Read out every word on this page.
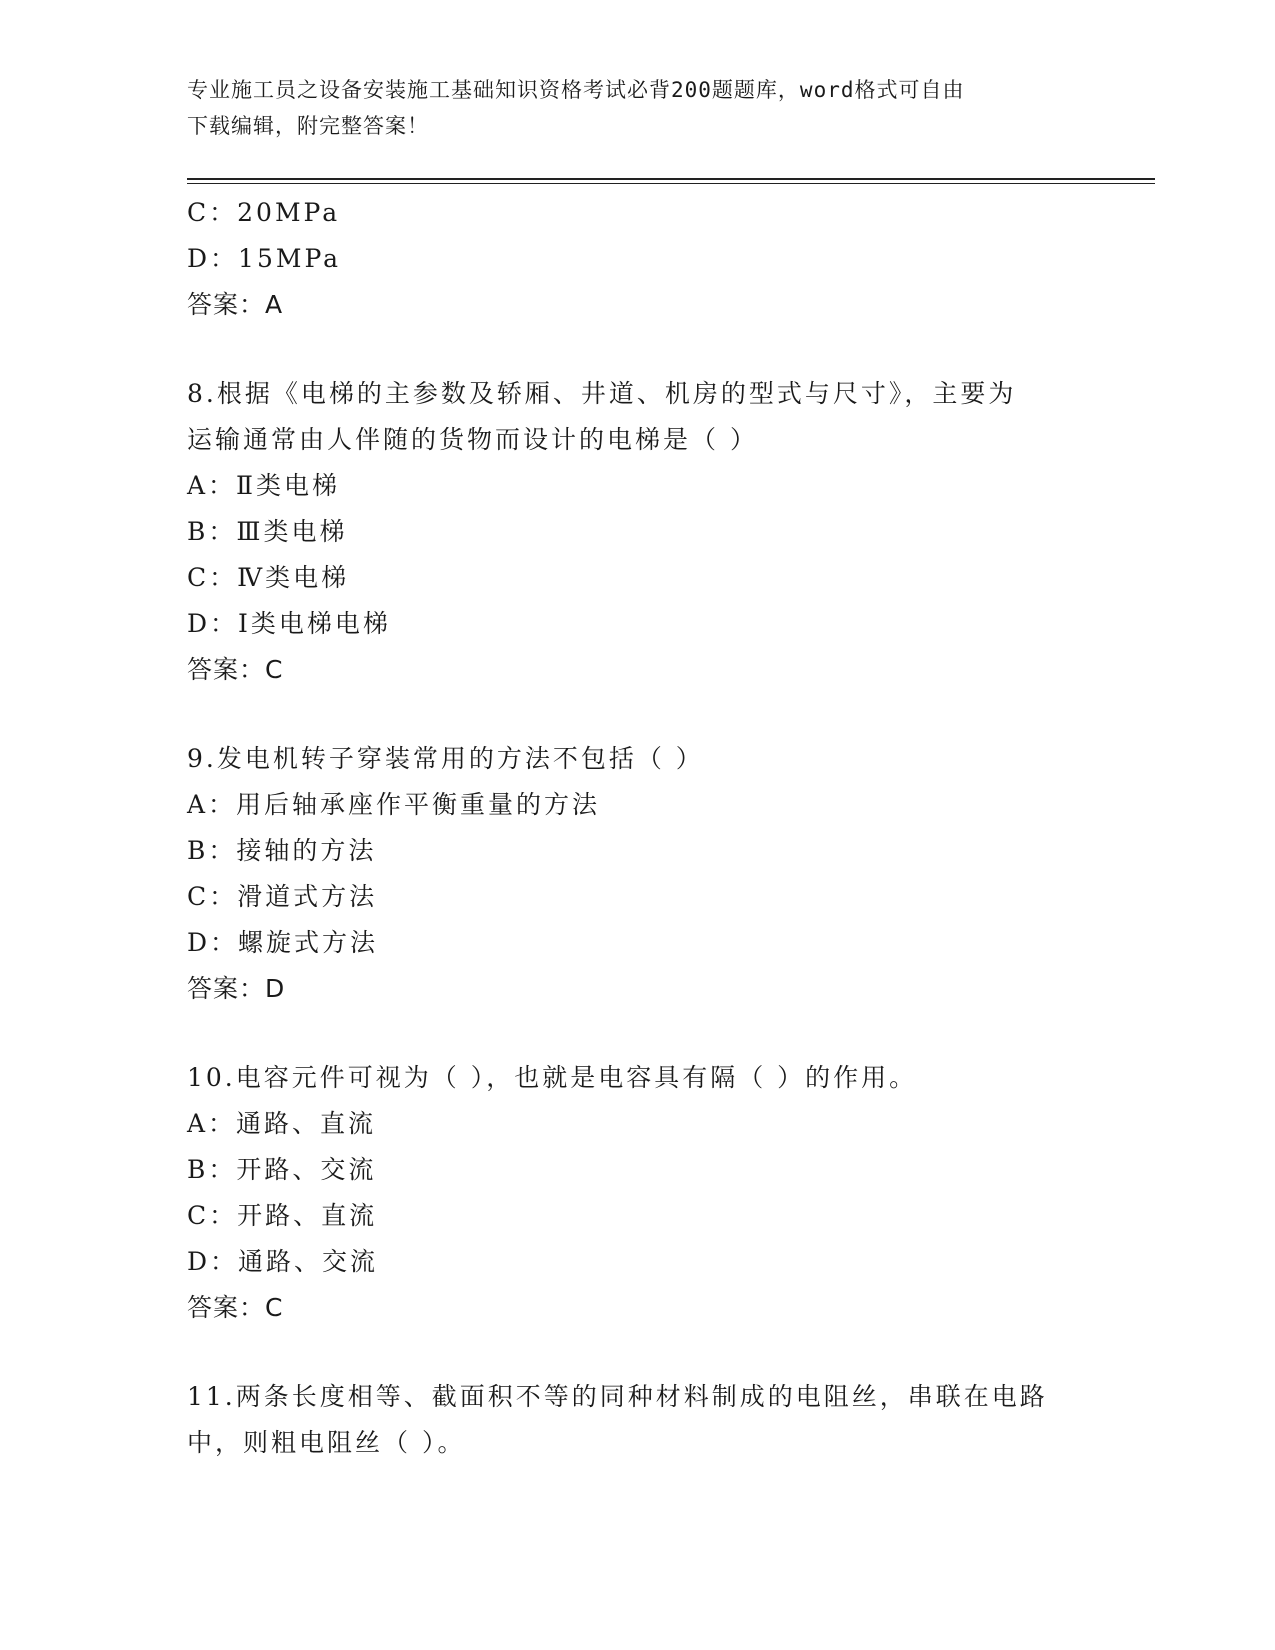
专业施工员之设备安装施工基础知识资格考试必背200题题库，word格式可自由
下载编辑，附完整答案！
C：20MPa
D：15MPa
答案：A
8.根据《电梯的主参数及轿厢、井道、机房的型式与尺寸》，主要为
运输通常由人伴随的货物而设计的电梯是（ ）
A：Ⅱ类电梯
B：Ⅲ类电梯
C：Ⅳ类电梯
D：Ⅰ类电梯电梯
答案：C
9.发电机转子穿装常用的方法不包括（ ）
A：用后轴承座作平衡重量的方法
B：接轴的方法
C：滑道式方法
D：螺旋式方法
答案：D
10.电容元件可视为（ ），也就是电容具有隔（ ）的作用。
A：通路、直流
B：开路、交流
C：开路、直流
D：通路、交流
答案：C
11.两条长度相等、截面积不等的同种材料制成的电阻丝，串联在电路
中，则粗电阻丝（ ）。
